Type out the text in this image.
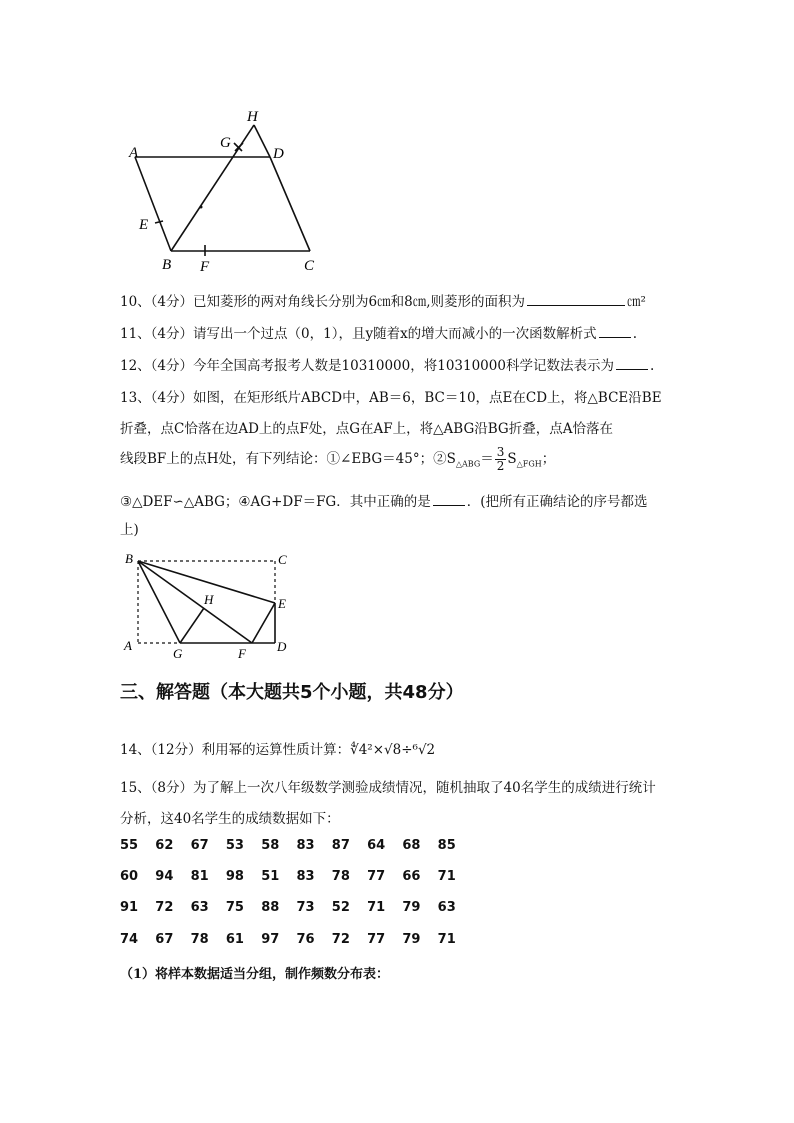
A
B	C
D
E
F
G
H
10、（4分）已知菱形的两对角线长分别为6㎝和8㎝,则菱形的面积为	㎝²
11、（4分）请写出一个过点（0，1），且y随着x的增大而减小的一次函数解析式	.
12、（4分）今年全国高考报考人数是10310000，将10310000科学记数法表示为	.
13、（4分）如图，在矩形纸片ABCD中，AB＝6，BC＝10，点E在CD上，将△BCE沿BE
折叠，点C恰落在边AD上的点F处，点G在AF上，将△ABG沿BG折叠，点A恰落在
线段BF上的点H处，有下列结论：①∠EBG＝45°；$②S_{\triangle ABG}= \frac{3}{2} S_{\triangle FGH}$；
③△DEF∽△ABG；④AG+DF＝FG．其中正确的是	．(把所有正确结论的序号都选
上)
B	C
E
D
A
G	F
H
三、解答题（本大题共5个小题，共48分）
14、（12分）利用幂的运算性质计算：∜4²×√8÷⁶√2
15、（8分）为了解上一次八年级数学测验成绩情况，随机抽取了40名学生的成绩进行统计
分析，这40名学生的成绩数据如下：
55 62 67 53 58 83 87 64 68 85
60 94 81 98 51 83 78 77 66 71
91 72 63 75 88 73 52 71 79 63
74 67 78 61 97 76 72 77 79 71
（1）将样本数据适当分组，制作频数分布表：
